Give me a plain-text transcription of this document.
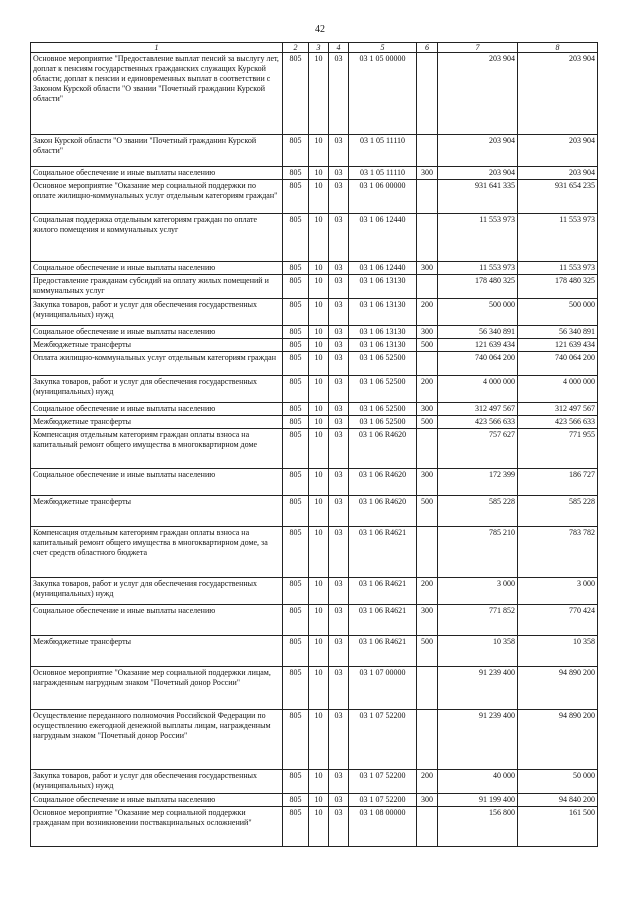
42
1	2	3	4	5	6	7	8
Основное мероприятие "Предоставление выплат пенсий за выслугу лет, доплат к пенсиям государственных гражданских служащих Курской области; доплат к пенсии и единовременных выплат в соответствии с Законом Курской области "О звании "Почетный гражданин Курской области"	805	10	03	03 1 05 00000		203 904	203 904
Закон Курской области "О звании "Почетный гражданин Курской области"	805	10	03	03 1 05 11110		203 904	203 904
Социальное обеспечение и иные выплаты населению	805	10	03	03 1 05 11110	300	203 904	203 904
Основное мероприятие "Оказание мер социальной поддержки по оплате жилищно-коммунальных услуг отдельным категориям граждан"	805	10	03	03 1 06 00000		931 641 335	931 654 235
Социальная поддержка отдельным категориям граждан по оплате жилого помещения и коммунальных услуг	805	10	03	03 1 06 12440		11 553 973	11 553 973
Социальное обеспечение и иные выплаты населению	805	10	03	03 1 06 12440	300	11 553 973	11 553 973
Предоставление гражданам субсидий на оплату жилых помещений и коммунальных услуг	805	10	03	03 1 06 13130		178 480 325	178 480 325
Закупка товаров, работ и услуг для обеспечения государственных (муниципальных) нужд	805	10	03	03 1 06 13130	200	500 000	500 000
Социальное обеспечение и иные выплаты населению	805	10	03	03 1 06 13130	300	56 340 891	56 340 891
Межбюджетные трансферты	805	10	03	03 1 06 13130	500	121 639 434	121 639 434
Оплата жилищно-коммунальных услуг отдельным категориям граждан	805	10	03	03 1 06 52500		740 064 200	740 064 200
Закупка товаров, работ и услуг для обеспечения государственных (муниципальных) нужд	805	10	03	03 1 06 52500	200	4 000 000	4 000 000
Социальное обеспечение и иные выплаты населению	805	10	03	03 1 06 52500	300	312 497 567	312 497 567
Межбюджетные трансферты	805	10	03	03 1 06 52500	500	423 566 633	423 566 633
Компенсация отдельным категориям граждан оплаты взноса на капитальный ремонт общего имущества в многоквартирном доме	805	10	03	03 1 06 R4620		757 627	771 955
Социальное обеспечение и иные выплаты населению	805	10	03	03 1 06 R4620	300	172 399	186 727
Межбюджетные трансферты	805	10	03	03 1 06 R4620	500	585 228	585 228
Компенсация отдельным категориям граждан оплаты взноса на капитальный ремонт общего имущества в многоквартирном доме, за счет средств областного бюджета	805	10	03	03 1 06 R4621		785 210	783 782
Закупка товаров, работ и услуг для обеспечения государственных (муниципальных) нужд	805	10	03	03 1 06 R4621	200	3 000	3 000
Социальное обеспечение и иные выплаты населению	805	10	03	03 1 06 R4621	300	771 852	770 424
Межбюджетные трансферты	805	10	03	03 1 06 R4621	500	10 358	10 358
Основное мероприятие "Оказание мер социальной поддержки лицам, награжденным нагрудным знаком "Почетный донор России"	805	10	03	03 1 07 00000		91 239 400	94 890 200
Осуществление переданного полномочия Российской Федерации по осуществлению ежегодной денежной выплаты лицам, награжденным нагрудным знаком "Почетный донор России"	805	10	03	03 1 07 52200		91 239 400	94 890 200
Закупка товаров, работ и услуг для обеспечения государственных (муниципальных) нужд	805	10	03	03 1 07 52200	200	40 000	50 000
Социальное обеспечение и иные выплаты населению	805	10	03	03 1 07 52200	300	91 199 400	94 840 200
Основное мероприятие "Оказание мер социальной поддержки гражданам при возникновении поствакцинальных осложнений"	805	10	03	03 1 08 00000		156 800	161 500
